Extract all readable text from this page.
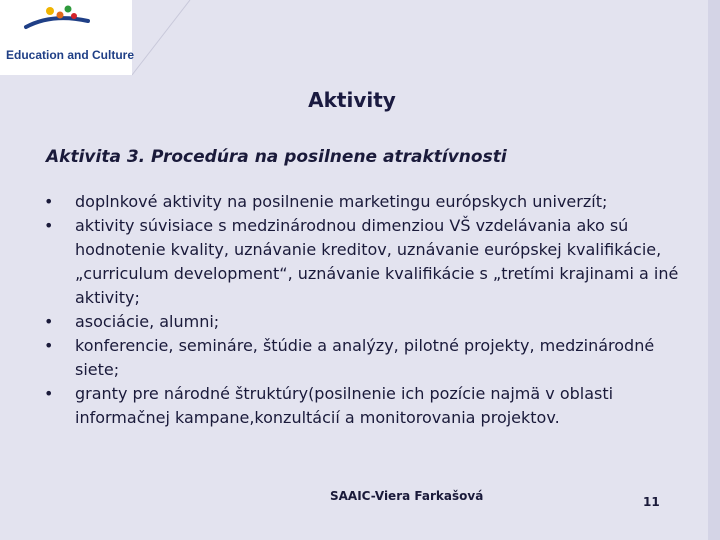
Education and Culture
Aktivity
Aktivita 3. Procedúra na posilnene atraktívnosti
• doplnkové aktivity na posilnenie marketingu európskych univerzít;
• aktivity súvisiace s medzinárodnou dimenziou VŠ vzdelávania ako sú hodnotenie kvality, uznávanie kreditov, uznávanie európskej kvalifikácie, „curriculum development“, uznávanie kvalifikácie s „tretími krajinami a iné aktivity;
• asociácie, alumni;
• konferencie, semináre, štúdie a analýzy, pilotné projekty, medzinárodné siete;
• granty pre národné štruktúry(posilnenie ich pozície najmä v oblasti informačnej kampane,konzultácií a monitorovania projektov.
SAAIC-Viera Farkašová	11
